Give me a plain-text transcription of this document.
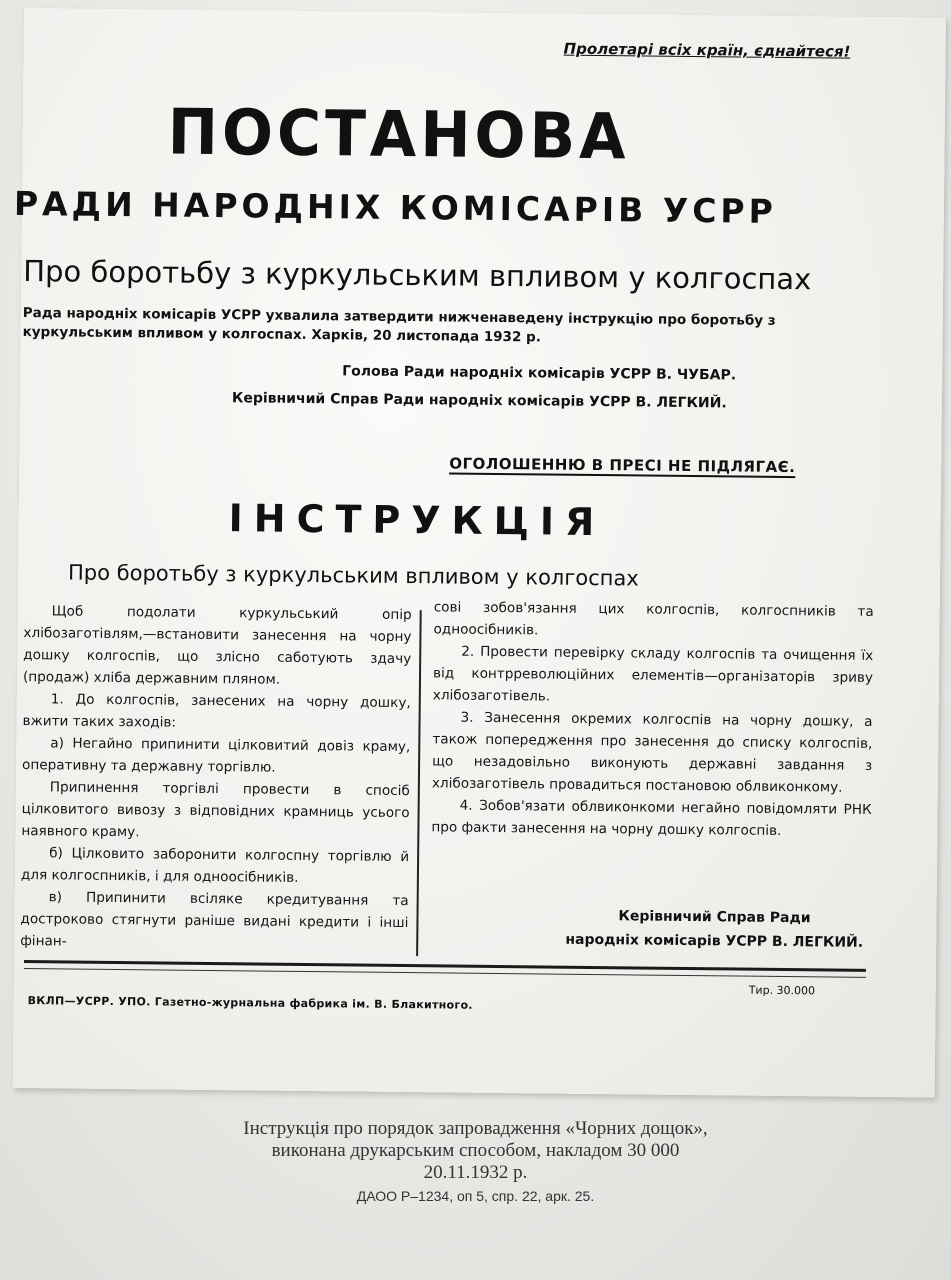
Пролетарі всіх країн, єднайтеся!
ПОСТАНОВА
РАДИ НАРОДНІХ КОМІСАРІВ УСРР
Про боротьбу з куркульським впливом у колгоспах
Рада народніх комісарів УСРР ухвалила затвердити нижченаведену інструкцію про боротьбу з куркульським впливом у колгоспах. Харків, 20 листопада 1932 р.
Голова Ради народніх комісарів УСРР В. ЧУБАР.
Керівничий Справ Ради народніх комісарів УСРР В. ЛЕГКИЙ.
ОГОЛОШЕННЮ В ПРЕСІ НЕ ПІДЛЯГАЄ.
ІНСТРУКЦІЯ
Про боротьбу з куркульським впливом у колгоспах

Щоб подолати куркульський опір хлібозаготівлям,—встановити занесення на чорну дошку колгоспів, що злісно саботують здачу (продаж) хліба державним пляном.

1. До колгоспів, занесених на чорну дошку, вжити таких заходів:

а) Негайно припинити цілковитий довіз краму, оперативну та державну торгівлю.

Припинення торгівлі провести в спосіб цілковитого вивозу з відповідних крамниць усього наявного краму.

б) Цілковито заборонити колгоспну торгівлю й для колгоспників, і для одноосібників.

в) Припинити всіляке кредитування та достроково стягнути раніше видані кредити і інші фінан-

сові зобов'язання цих колгоспів, колгоспників та одноосібників.

2. Провести перевірку складу колгоспів та очищення їх від контрреволюційних елементів—організаторів зриву хлібозаготівель.

3. Занесення окремих колгоспів на чорну дошку, а також попередження про занесення до списку колгоспів, що незадовільно виконують державні завдання з хлібозаготівель провадиться постановою облвиконкому.

4. Зобов'язати облвиконкоми негайно повідомляти РНК про факти занесення на чорну дошку колгоспів.

Керівничий Справ Ради
народніх комісарів УСРР В. ЛЕГКИЙ.
Тир. 30.000
ВКЛП—УСРР. УПО. Газетно-журнальна фабрика ім. В. Блакитного.
Інструкція про порядок запровадження «Чорних дощок»,
виконана друкарським способом, накладом 30 000
20.11.1932 р.
ДАОО Р–1234, оп 5, спр. 22, арк. 25.
